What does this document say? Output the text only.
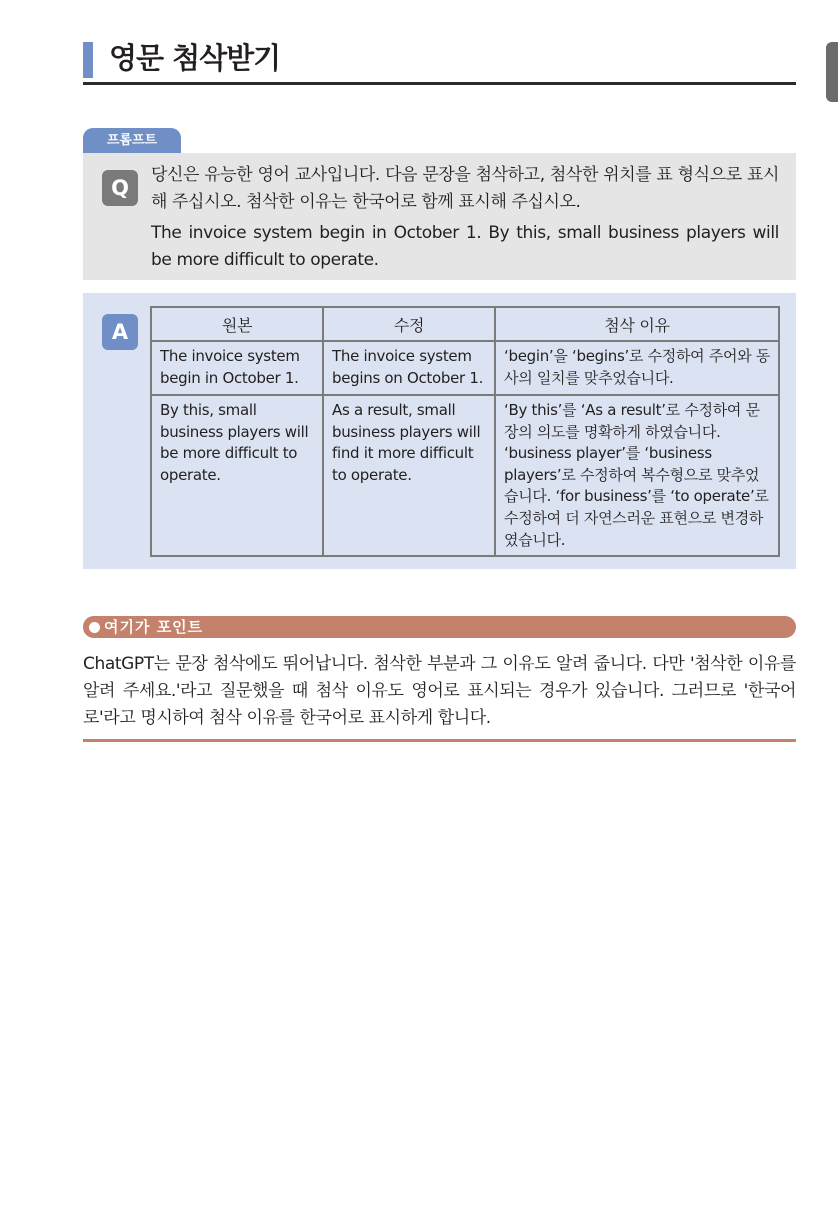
영문 첨삭받기
프롬프트
Q

당신은 유능한 영어 교사입니다. 다음 문장을 첨삭하고, 첨삭한 위치를 표 형식으로 표시해 주십시오. 첨삭한 이유는 한국어로 함께 표시해 주십시오.

The invoice system begin in October 1. By this, small business players will be more difficult to operate.

A	원본	수정	첨삭 이유
The invoice system begin in October 1.	The invoice system begins on October 1.	‘begin’을 ‘begins’로 수정하여 주어와 동사의 일치를 맞추었습니다.
By this, small business players will be more difficult to operate.	As a result, small business players will find it more difficult to operate.	‘By this’를 ‘As a result’로 수정하여 문장의 의도를 명확하게 하였습니다. ‘business player’를 ‘business players’로 수정하여 복수형으로 맞추었습니다. ‘for business’를 ‘to operate’로 수정하여 더 자연스러운 표현으로 변경하였습니다.
여기가 포인트
ChatGPT는 문장 첨삭에도 뛰어납니다. 첨삭한 부분과 그 이유도 알려 줍니다. 다만 '첨삭한 이유를 알려 주세요.'라고 질문했을 때 첨삭 이유도 영어로 표시되는 경우가 있습니다. 그러므로 '한국어로'라고 명시하여 첨삭 이유를 한국어로 표시하게 합니다.
